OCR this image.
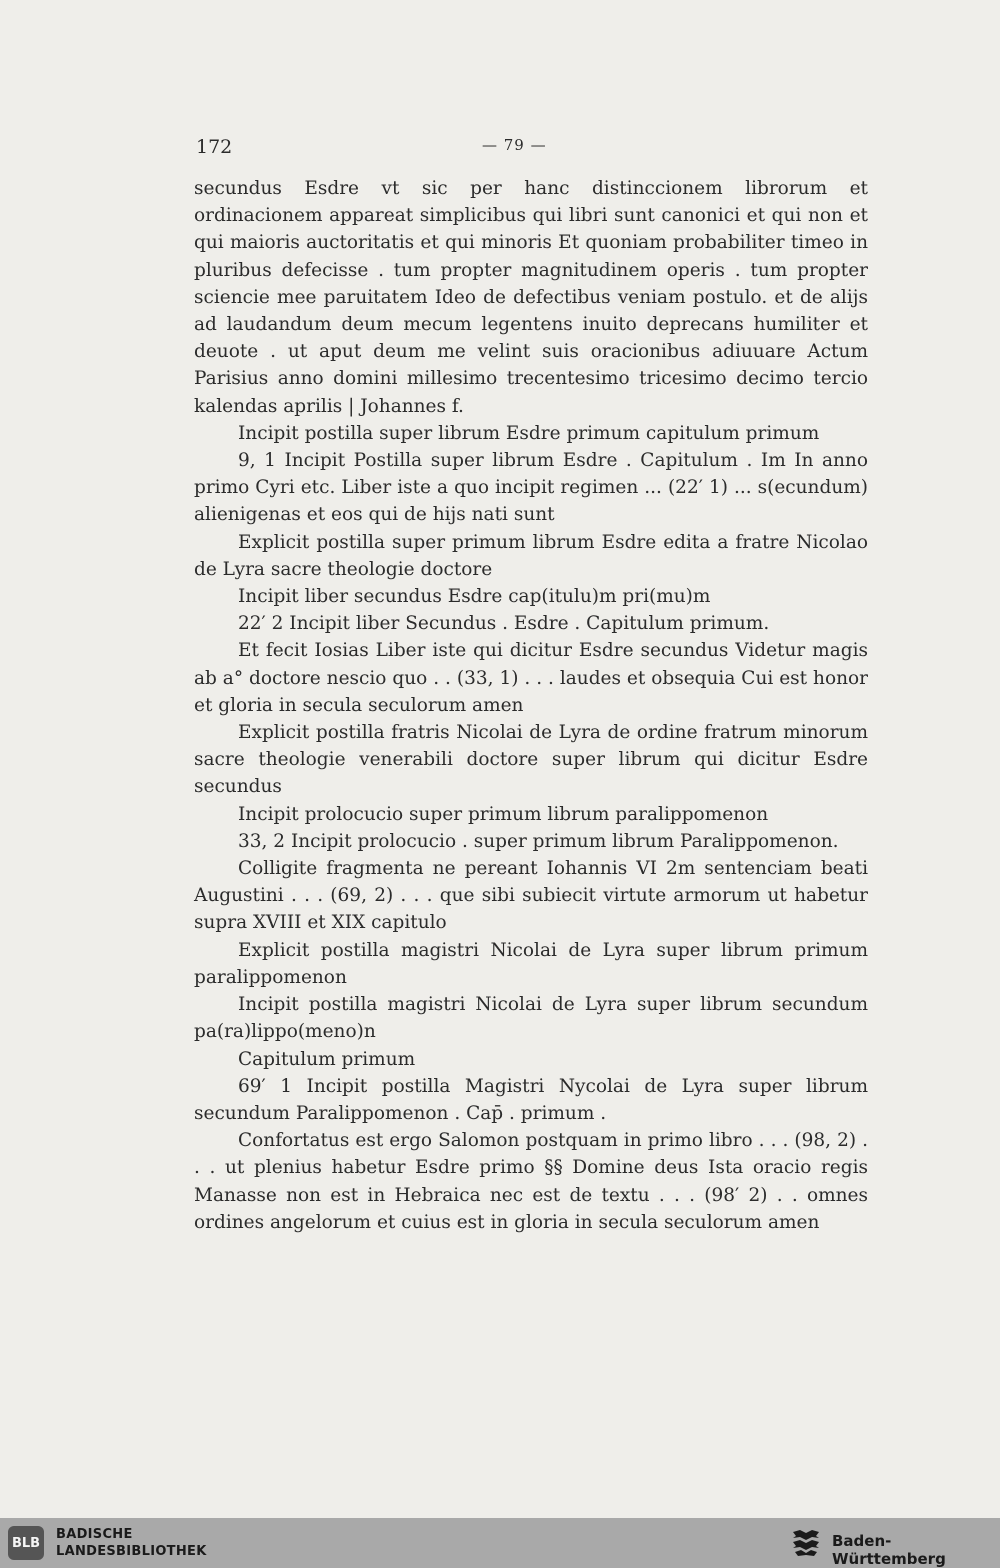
172	— 79 —

secundus Esdre vt sic per hanc distinccionem librorum et ordinacionem appareat simplicibus qui libri sunt canonici et qui non et qui maioris auctoritatis et qui minoris Et quoniam probabiliter timeo in pluribus defecisse . tum propter magnitudinem operis . tum propter sciencie mee paruitatem Ideo de defectibus veniam postulo. et de alijs ad laudandum deum mecum legentens inuito deprecans humiliter et deuote . ut aput deum me velint suis oracionibus adiuuare Actum Parisius anno domini millesimo trecentesimo tricesimo decimo tercio kalendas aprilis | Johannes f.

Incipit postilla super librum Esdre primum capitulum primum

9, 1 Incipit Postilla super librum Esdre . Capitulum . Im In anno primo Cyri etc. Liber iste a quo incipit regimen ... (22′ 1) ... s(ecundum) alienigenas et eos qui de hijs nati sunt

Explicit postilla super primum librum Esdre edita a fratre Nicolao de Lyra sacre theologie doctore

Incipit liber secundus Esdre cap(itulu)m pri(mu)m

22′ 2 Incipit liber Secundus . Esdre . Capitulum primum.

Et fecit Iosias Liber iste qui dicitur Esdre secundus Videtur magis ab a° doctore nescio quo . . (33, 1) . . . laudes et obsequia Cui est honor et gloria in secula seculorum amen

Explicit postilla fratris Nicolai de Lyra de ordine fratrum minorum sacre theologie venerabili doctore super librum qui dicitur Esdre secundus

Incipit prolocucio super primum librum paralippomenon

33, 2 Incipit prolocucio . super primum librum Paralippomenon.

Colligite fragmenta ne pereant Iohannis VI 2m sentenciam beati Augustini . . . (69, 2) . . . que sibi subiecit virtute armorum ut habetur supra XVIII et XIX capitulo

Explicit postilla magistri Nicolai de Lyra super librum primum paralippomenon

Incipit postilla magistri Nicolai de Lyra super librum secundum pa(ra)lippo(meno)n

Capitulum primum

69′ 1 Incipit postilla Magistri Nycolai de Lyra super librum secundum Paralippomenon . Cap̄ . primum .

Confortatus est ergo Salomon postquam in primo libro . . . (98, 2) . . . ut plenius habetur Esdre primo §§ Domine deus Ista oracio regis Manasse non est in Hebraica nec est de textu . . . (98′ 2) . . omnes ordines angelorum et cuius est in gloria in secula seculorum amen

BLB
BADISCHE
LANDESBIBLIOTHEK
Baden-Württemberg
